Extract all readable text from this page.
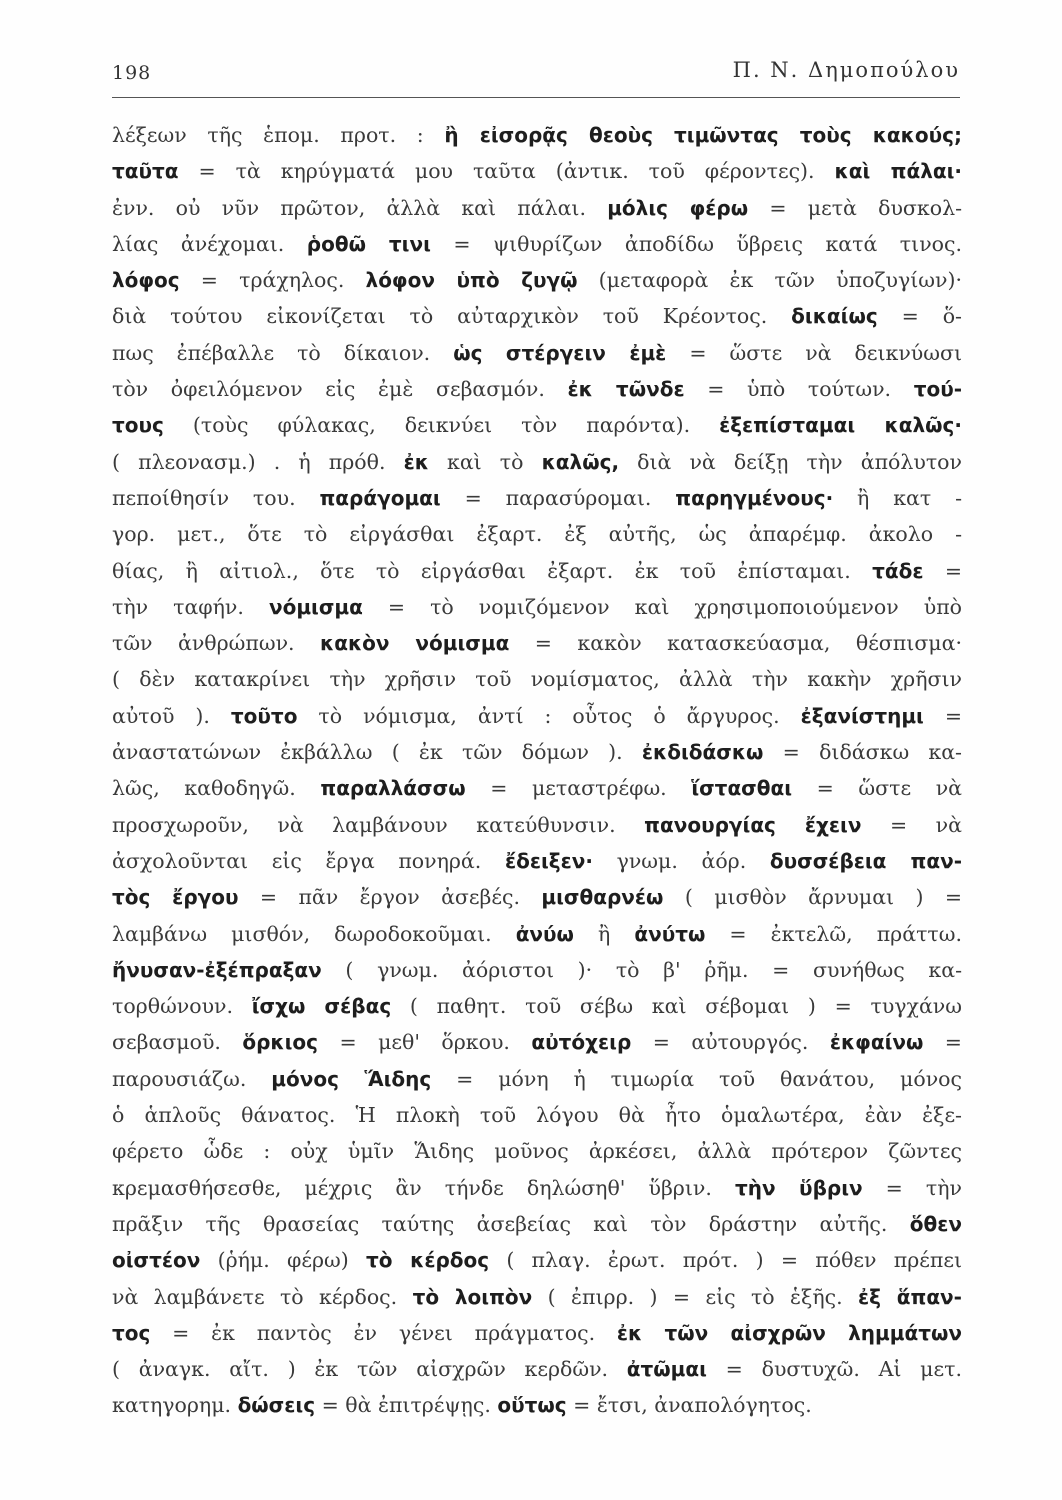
198	Π. Ν. Δημοπούλου
λέξεων τῆς ἑπομ. προτ. : ἢ εἰσορᾷς θεοὺς τιμῶντας τοὺς κακούς;
ταῦτα = τὰ κηρύγματά μου ταῦτα (ἀντικ. τοῦ φέροντες). καὶ πάλαι·
ἐνν. οὐ νῦν πρῶτον, ἀλλὰ καὶ πάλαι. μόλις φέρω = μετὰ δυσκολ-
λίας ἀνέχομαι. ῥοθῶ τινι = ψιθυρίζων ἀποδίδω ὕβρεις κατά τινος.
λόφος = τράχηλος. λόφον ὑπὸ ζυγῷ (μεταφορὰ ἐκ τῶν ὑποζυγίων)·
διὰ τούτου εἰκονίζεται τὸ αὐταρχικὸν τοῦ Κρέοντος. δικαίως = ὅ-
πως ἐπέβαλλε τὸ δίκαιον. ὡς στέργειν ἐμὲ = ὥστε νὰ δεικνύωσι
τὸν ὀφειλόμενον εἰς ἐμὲ σεβασμόν. ἐκ τῶνδε = ὑπὸ τούτων. τού-
τους (τοὺς φύλακας, δεικνύει τὸν παρόντα). ἐξεπίσταμαι καλῶς·
( πλεονασμ.) . ἡ πρόθ. ἐκ καὶ τὸ καλῶς, διὰ νὰ δείξῃ τὴν ἀπόλυτον
πεποίθησίν του. παράγομαι = παρασύρομαι. παρηγμένους· ἢ κατ -
γορ. μετ., ὅτε τὸ εἰργάσθαι ἐξαρτ. ἐξ αὐτῆς, ὡς ἀπαρέμφ. ἀκολο -
θίας, ἢ αἰτιολ., ὅτε τὸ εἰργάσθαι ἐξαρτ. ἐκ τοῦ ἐπίσταμαι. τάδε =
τὴν ταφήν. νόμισμα = τὸ νομιζόμενον καὶ χρησιμοποιούμενον ὑπὸ
τῶν ἀνθρώπων. κακὸν νόμισμα = κακὸν κατασκεύασμα, θέσπισμα·
( δὲν κατακρίνει τὴν χρῆσιν τοῦ νομίσματος, ἀλλὰ τὴν κακὴν χρῆσιν
αὐτοῦ ). τοῦτο τὸ νόμισμα, ἀντί : οὗτος ὁ ἄργυρος. ἐξανίστημι =
ἀναστατώνων ἐκβάλλω ( ἐκ τῶν δόμων ). ἐκδιδάσκω = διδάσκω κα-
λῶς, καθοδηγῶ. παραλλάσσω = μεταστρέφω. ἵστασθαι = ὥστε νὰ
προσχωροῦν, νὰ λαμβάνουν κατεύθυνσιν. πανουργίας ἔχειν = νὰ
ἀσχολοῦνται εἰς ἔργα πονηρά. ἔδειξεν· γνωμ. ἀόρ. δυσσέβεια παν-
τὸς ἔργου = πᾶν ἔργον ἀσεβές. μισθαρνέω ( μισθὸν ἄρνυμαι ) =
λαμβάνω μισθόν, δωροδοκοῦμαι. ἀνύω ἢ ἀνύτω = ἐκτελῶ, πράττω.
ἤνυσαν-ἐξέπραξαν ( γνωμ. ἀόριστοι )· τὸ β' ῥῆμ. = συνήθως κα-
τορθώνουν. ἴσχω σέβας ( παθητ. τοῦ σέβω καὶ σέβομαι ) = τυγχάνω
σεβασμοῦ. ὅρκιος = μεθ' ὅρκου. αὐτόχειρ = αὐτουργός. ἐκφαίνω =
παρουσιάζω. μόνος Ἅιδης = μόνη ἡ τιμωρία τοῦ θανάτου, μόνος
ὁ ἁπλοῦς θάνατος. Ἡ πλοκὴ τοῦ λόγου θὰ ἦτο ὁμαλωτέρα, ἐὰν ἐξε-
φέρετο ὧδε : οὐχ ὑμῖν Ἅιδης μοῦνος ἀρκέσει, ἀλλὰ πρότερον ζῶντες
κρεμασθήσεσθε, μέχρις ἂν τήνδε δηλώσηθ' ὕβριν. τὴν ὕβριν = τὴν
πρᾶξιν τῆς θρασείας ταύτης ἀσεβείας καὶ τὸν δράστην αὐτῆς. ὅθεν
οἰστέον (ῥήμ. φέρω) τὸ κέρδος ( πλαγ. ἐρωτ. πρότ. ) = πόθεν πρέπει
νὰ λαμβάνετε τὸ κέρδος. τὸ λοιπὸν ( ἐπιρρ. ) = εἰς τὸ ἑξῆς. ἐξ ἅπαν-
τος = ἐκ παντὸς ἐν γένει πράγματος. ἐκ τῶν αἰσχρῶν λημμάτων
( ἀναγκ. αἴτ. ) ἐκ τῶν αἰσχρῶν κερδῶν. ἀτῶμαι = δυστυχῶ. Αἱ μετ.
κατηγορημ. δώσεις = θὰ ἐπιτρέψῃς. οὕτως = ἔτσι, ἀναπολόγητος.
